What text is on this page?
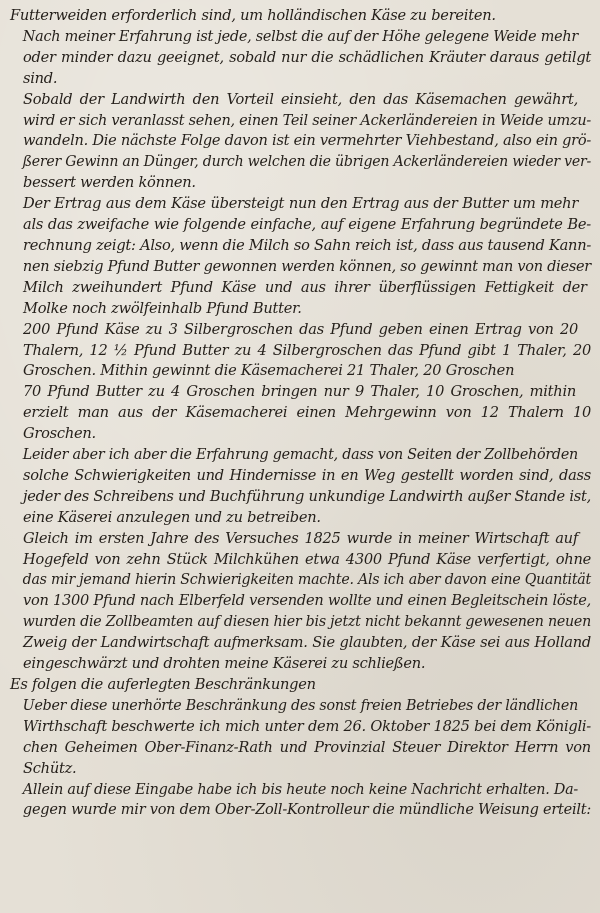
Futterweiden erforderlich sind, um holländischen Käse zu bereiten.

Nach meiner Erfahrung ist jede, selbst die auf der Höhe gelegene Weide mehr
oder minder dazu geeignet, sobald nur die schädlichen Kräuter daraus getilgt
sind.

Sobald der Landwirth den Vorteil einsieht, den das Käsemachen gewährt,
wird er sich veranlasst sehen, einen Teil seiner Ackerländereien in Weide umzu-
wandeln. Die nächste Folge davon ist ein vermehrter Viehbestand, also ein grö-
ßerer Gewinn an Dünger, durch welchen die übrigen Ackerländereien wieder ver-
bessert werden können.

Der Ertrag aus dem Käse übersteigt nun den Ertrag aus der Butter um mehr
als das zweifache wie folgende einfache, auf eigene Erfahrung begründete Be-
rechnung zeigt: Also, wenn die Milch so Sahn reich ist, dass aus tausend Kann-
nen siebzig Pfund Butter gewonnen werden können, so gewinnt man von dieser
Milch zweihundert Pfund Käse und aus ihrer überflüssigen Fettigkeit der
Molke noch zwölfeinhalb Pfund Butter.

200 Pfund Käse zu 3 Silbergroschen das Pfund geben einen Ertrag von 20
Thalern, 12 ½ Pfund Butter zu 4 Silbergroschen das Pfund gibt 1 Thaler, 20
Groschen. Mithin gewinnt die Käsemacherei 21 Thaler, 20 Groschen

70 Pfund Butter zu 4 Groschen bringen nur 9 Thaler, 10 Groschen, mithin
erzielt man aus der Käsemacherei einen Mehrgewinn von 12 Thalern 10
Groschen.

Leider aber ich aber die Erfahrung gemacht, dass von Seiten der Zollbehörden
solche Schwierigkeiten und Hindernisse in en Weg gestellt worden sind, dass
jeder des Schreibens und Buchführung unkundige Landwirth außer Stande ist,
eine Käserei anzulegen und zu betreiben.

Gleich im ersten Jahre des Versuches 1825 wurde in meiner Wirtschaft auf
Hogefeld von zehn Stück Milchkühen etwa 4300 Pfund Käse verfertigt, ohne
das mir jemand hierin Schwierigkeiten machte. Als ich aber davon eine Quantität
von 1300 Pfund nach Elberfeld versenden wollte und einen Begleitschein löste,
wurden die Zollbeamten auf diesen hier bis jetzt nicht bekannt gewesenen neuen
Zweig der Landwirtschaft aufmerksam. Sie glaubten, der Käse sei aus Holland
eingeschwärzt und drohten meine Käserei zu schließen.

Es folgen die auferlegten Beschränkungen

Ueber diese unerhörte Beschränkung des sonst freien Betriebes der ländlichen
Wirthschaft beschwerte ich mich unter dem 26. Oktober 1825 bei dem Königli-
chen Geheimen Ober-Finanz-Rath und Provinzial Steuer Direktor Herrn von
Schütz.

Allein auf diese Eingabe habe ich bis heute noch keine Nachricht erhalten. Da-
gegen wurde mir von dem Ober-Zoll-Kontrolleur die mündliche Weisung erteilt:
